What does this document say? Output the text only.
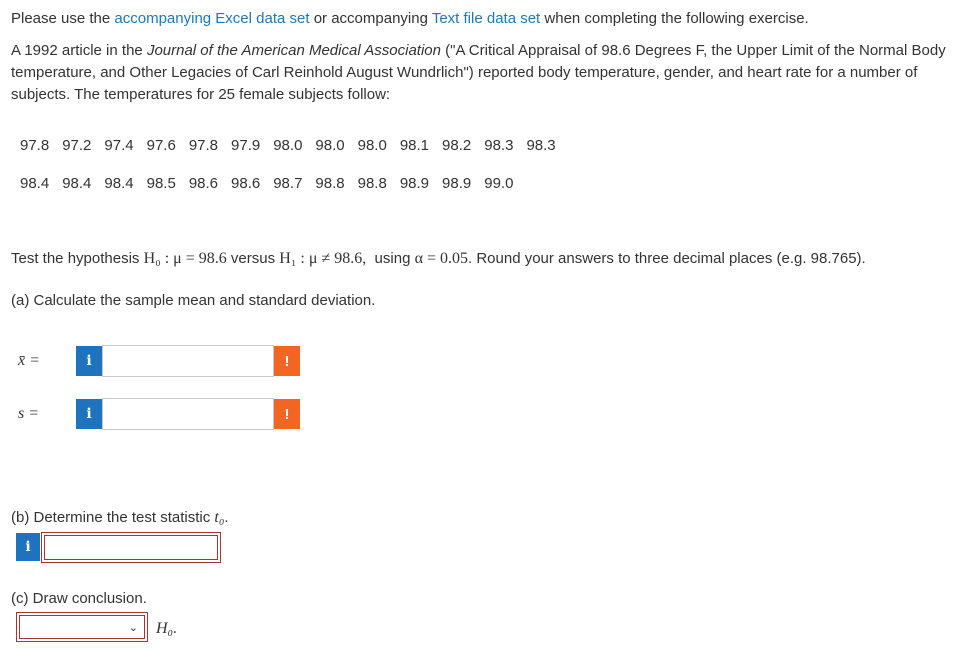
Please use the accompanying Excel data set or accompanying Text file data set when completing the following exercise.
A 1992 article in the Journal of the American Medical Association ("A Critical Appraisal of 98.6 Degrees F, the Upper Limit of the Normal Body temperature, and Other Legacies of Carl Reinhold August Wundrlich") reported body temperature, gender, and heart rate for a number of subjects. The temperatures for 25 female subjects follow:
97.8 97.2 97.4 97.6 97.8 97.9 98.0 98.0 98.0 98.1 98.2 98.3 98.3
98.4 98.4 98.4 98.5 98.6 98.6 98.7 98.8 98.8 98.9 98.9 99.0
Test the hypothesis H₀ : μ = 98.6 versus H₁ : μ ≠ 98.6,  using α = 0.05. Round your answers to three decimal places (e.g. 98.765).
(a) Calculate the sample mean and standard deviation.
x̄ =	i	!
s =	i	!
(b) Determine the test statistic t₀.
i
(c) Draw conclusion.
⌄ H₀.
